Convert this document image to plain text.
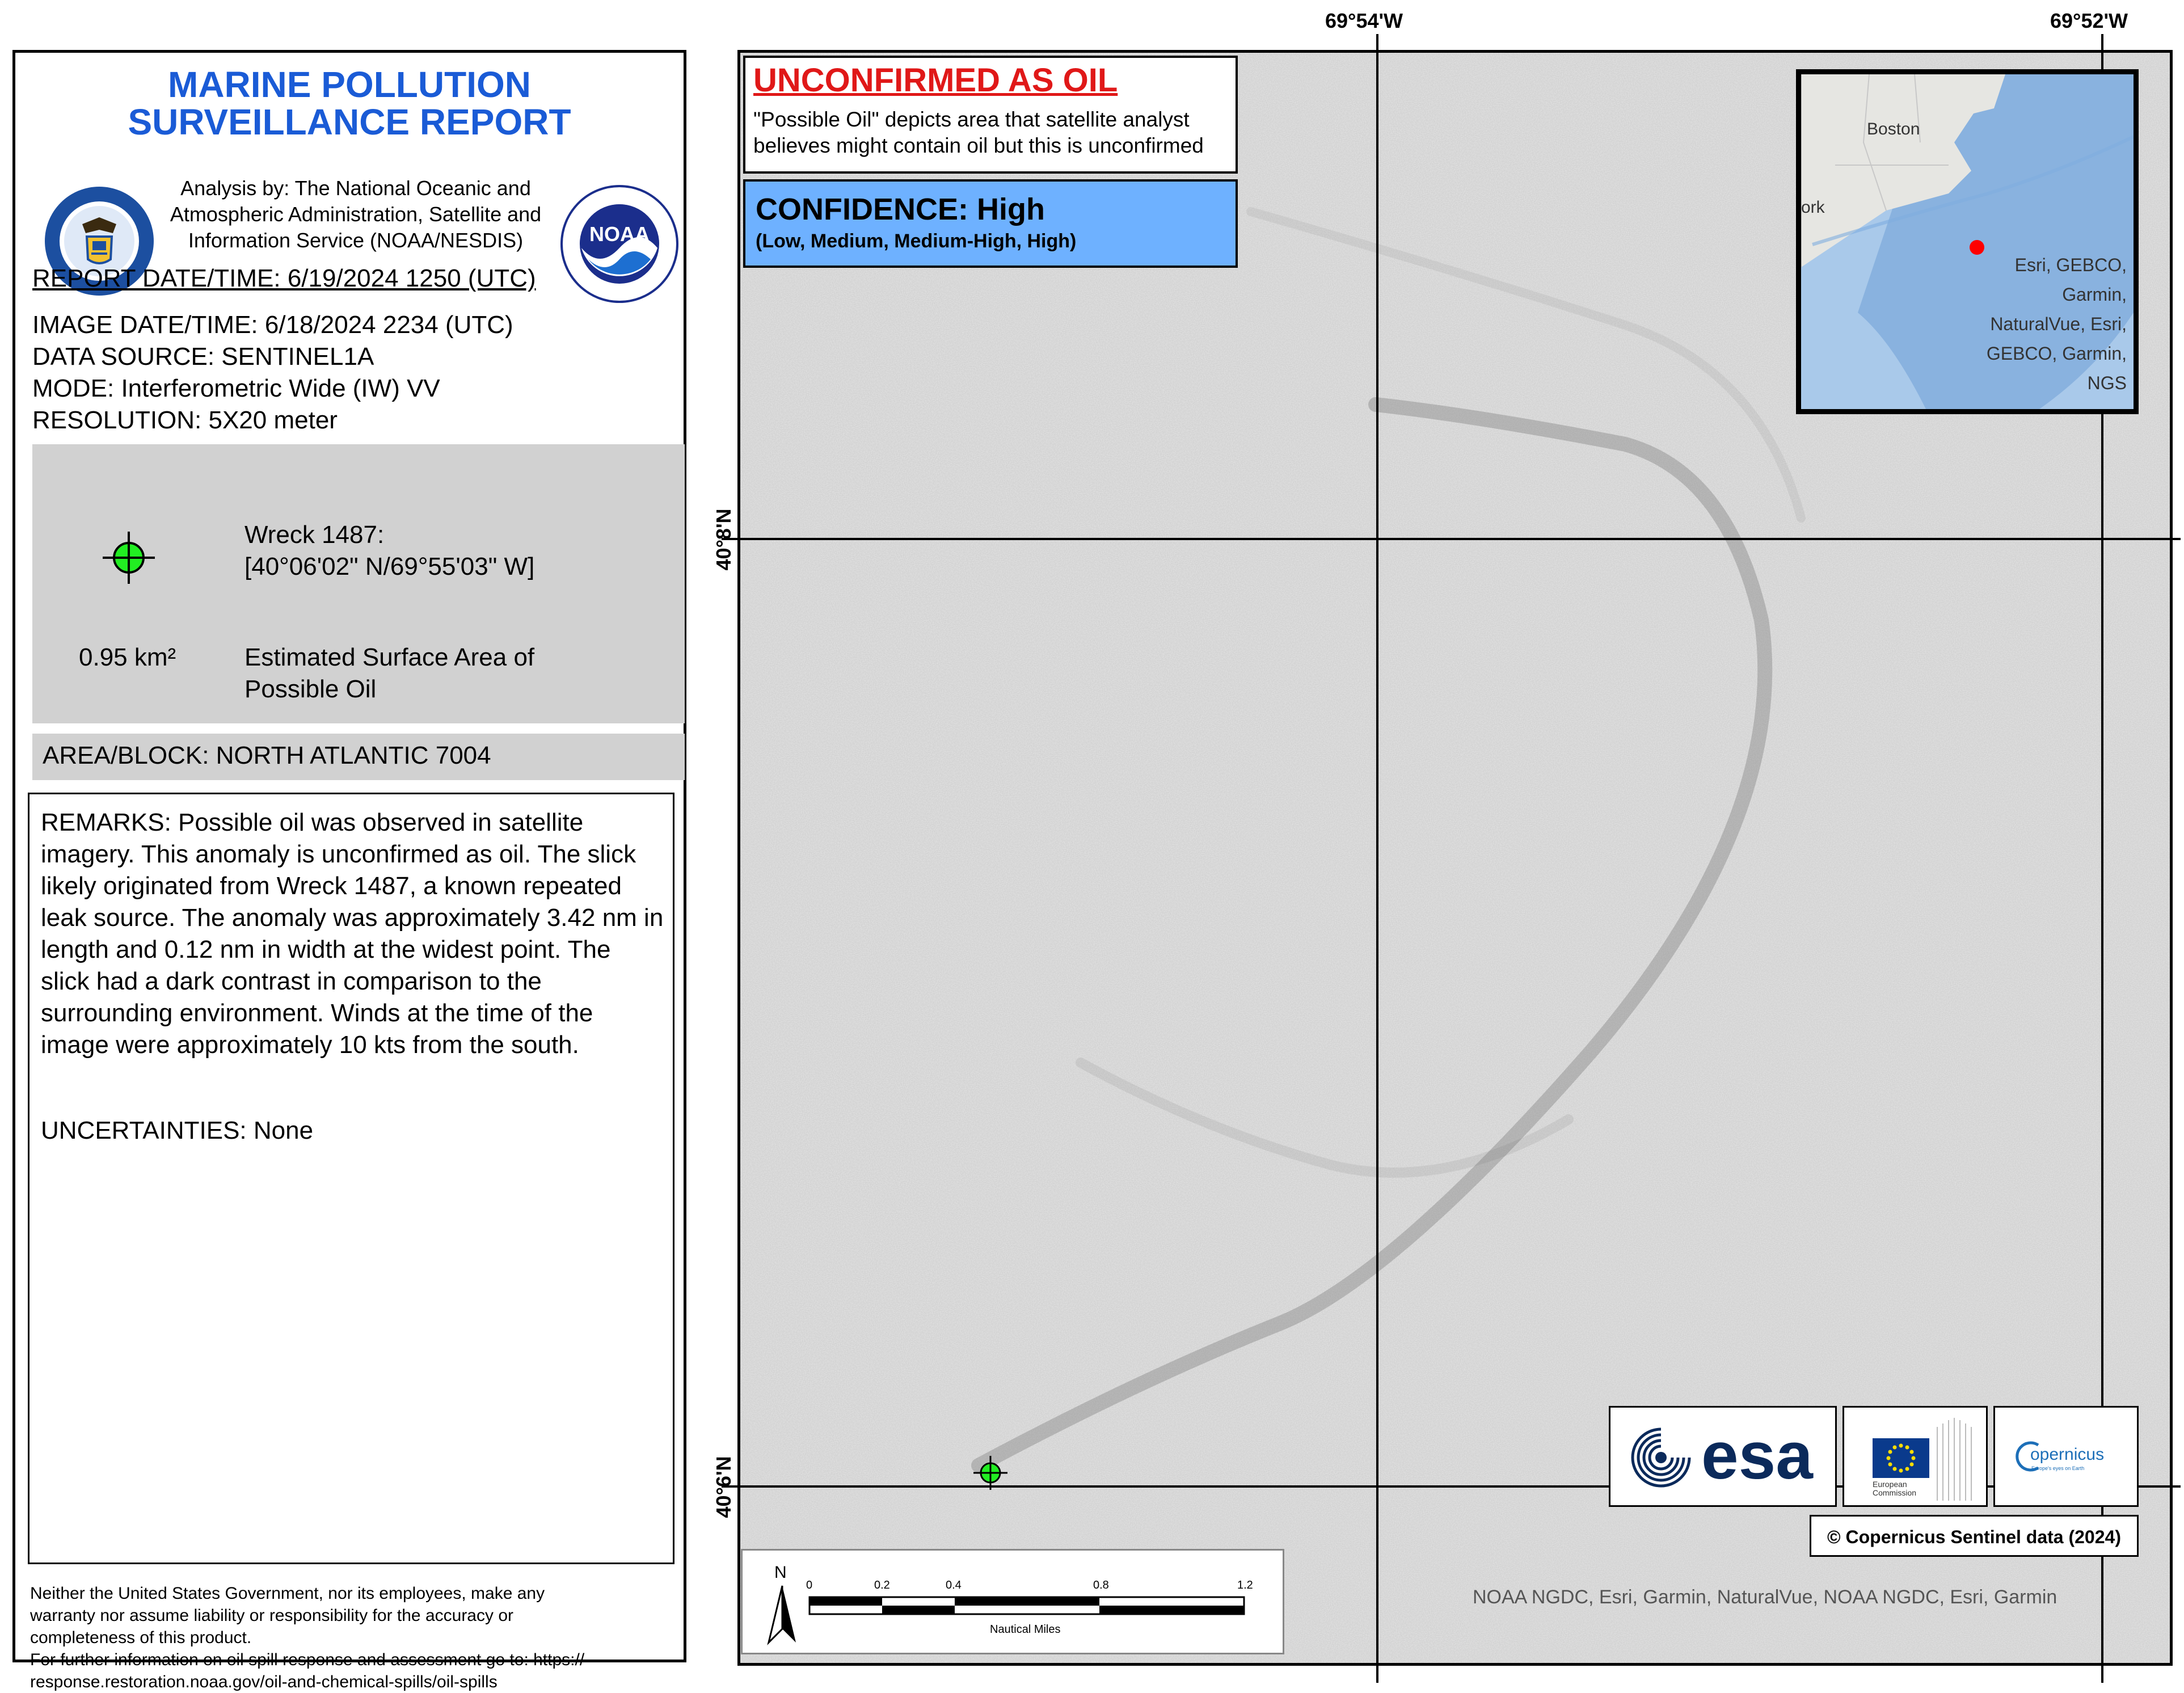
MARINE POLLUTION
SURVEILLANCE REPORT
Analysis by: The National Oceanic and
Atmospheric Administration, Satellite and
Information Service (NOAA/NESDIS)	NOAA
REPORT DATE/TIME: 6/19/2024 1250 (UTC)
IMAGE DATE/TIME: 6/18/2024 2234 (UTC)
DATA SOURCE: SENTINEL1A
MODE: Interferometric Wide (IW) VV
RESOLUTION: 5X20 meter
Wreck 1487:
[40°06'02" N/69°55'03" W]
0.95 km²	Estimated Surface Area of
Possible Oil
AREA/BLOCK: NORTH ATLANTIC 7004
REMARKS: Possible oil was observed in satellite imagery. This anomaly is unconfirmed as oil. The slick likely originated from Wreck 1487, a known repeated leak source. The anomaly was approximately 3.42 nm in length and 0.12 nm in width at the widest point. The slick had a dark contrast in comparison to the surrounding environment. Winds at the time of the image were approximately 10 kts from the south.
UNCERTAINTIES: None
Neither the United States Government, nor its employees, make any
warranty nor assume liability or responsibility for the accuracy or
completeness of this product.
For further information on oil spill response and assessment go to: https://
response.restoration.noaa.gov/oil-and-chemical-spills/oil-spills
69°54'W	69°52'W
40°8'N
40°6'N
UNCONFIRMED AS OIL
"Possible Oil" depicts area that satellite analyst
believes might contain oil but this is unconfirmed
CONFIDENCE: High
(Low, Medium, Medium-High, High)
Boston
ork
Esri, GEBCO,
Garmin,
NaturalVue, Esri,
GEBCO, Garmin,
NGS
esa	European
Commission
opernicus
Europe's eyes on Earth
© Copernicus Sentinel data (2024)
N
0	0.2	0.4	0.8	1.2
Nautical Miles
NOAA NGDC, Esri, Garmin, NaturalVue, NOAA NGDC, Esri, Garmin
